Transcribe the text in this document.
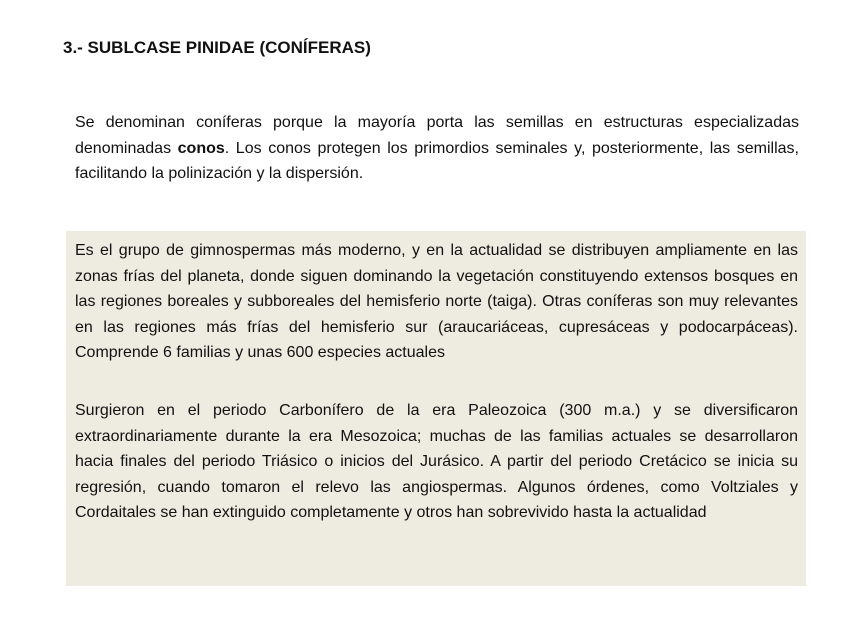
3.- SUBLCASE PINIDAE (CONÍFERAS)
Se denominan coníferas porque la mayoría porta las semillas en estructuras especializadas denominadas conos. Los conos protegen los primordios seminales y, posteriormente, las semillas, facilitando la polinización y la dispersión.
Es el grupo de gimnospermas más moderno, y en la actualidad se distribuyen ampliamente en las zonas frías del planeta, donde siguen dominando la vegetación constituyendo extensos bosques en las regiones boreales y subboreales del hemisferio norte (taiga). Otras coníferas son muy relevantes en las regiones más frías del hemisferio sur (araucariáceas, cupresáceas y podocarpáceas). Comprende 6 familias y unas 600 especies actuales
Surgieron en el periodo Carbonífero de la era Paleozoica (300 m.a.) y se diversificaron extraordinariamente durante la era Mesozoica; muchas de las familias actuales se desarrollaron hacia finales del periodo Triásico o inicios del Jurásico. A partir del periodo Cretácico se inicia su regresión, cuando tomaron el relevo las angiospermas. Algunos órdenes, como Voltziales y Cordaitales se han extinguido completamente y otros han sobrevivido hasta la actualidad
